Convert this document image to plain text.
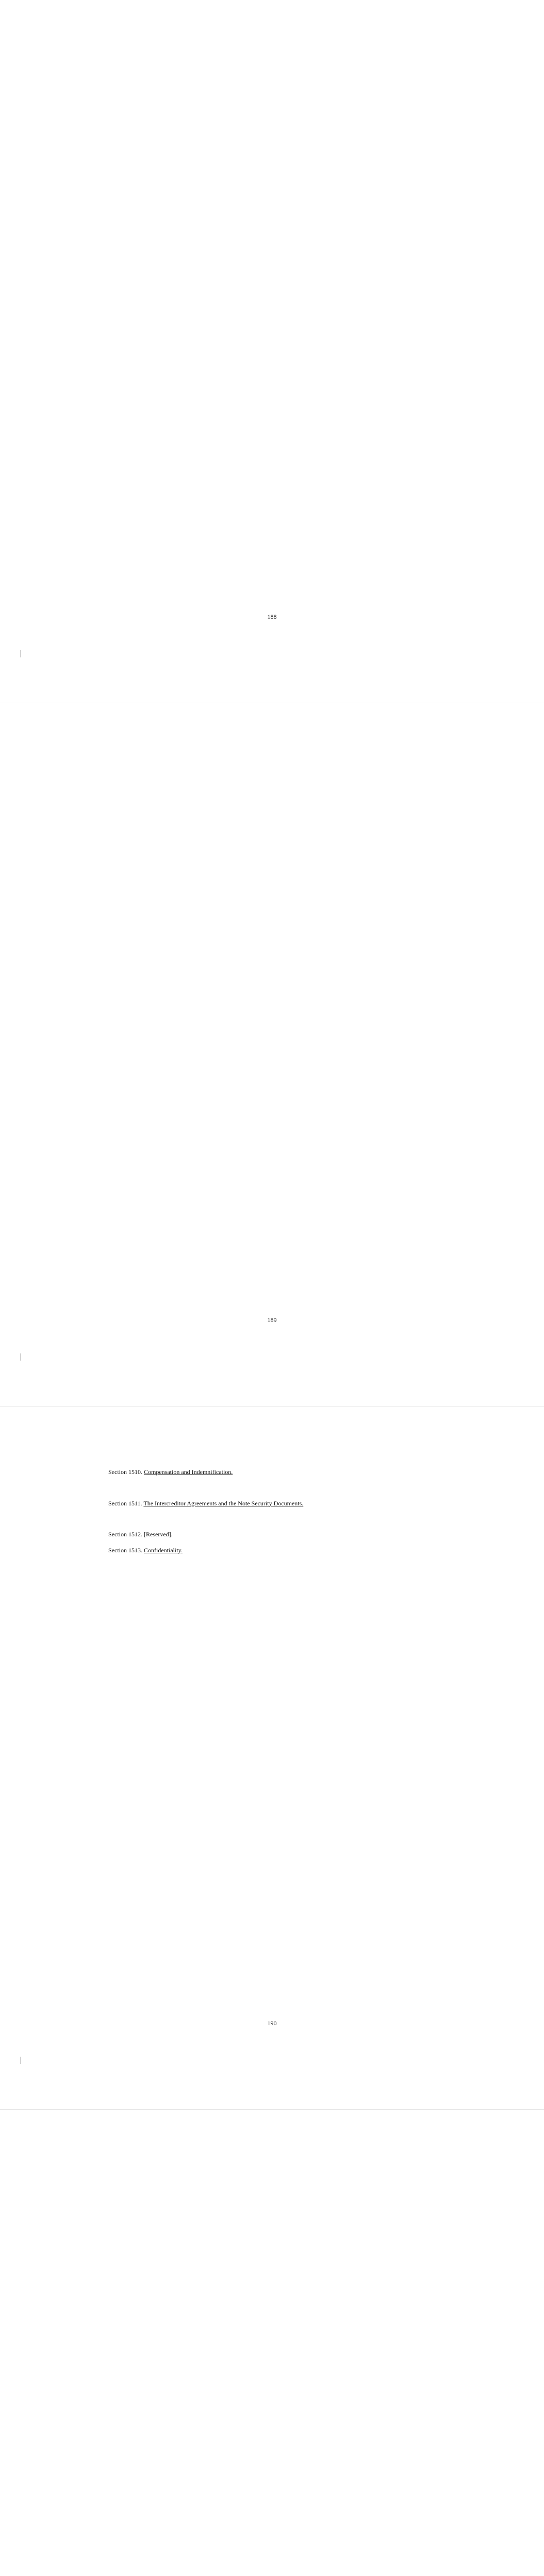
188

189

Section 1510. Compensation and Indemnification.

Section 1511. The Intercreditor Agreements and the Note Security Documents.

Section 1512. [Reserved].
Section 1513. Confidentiality.

190
